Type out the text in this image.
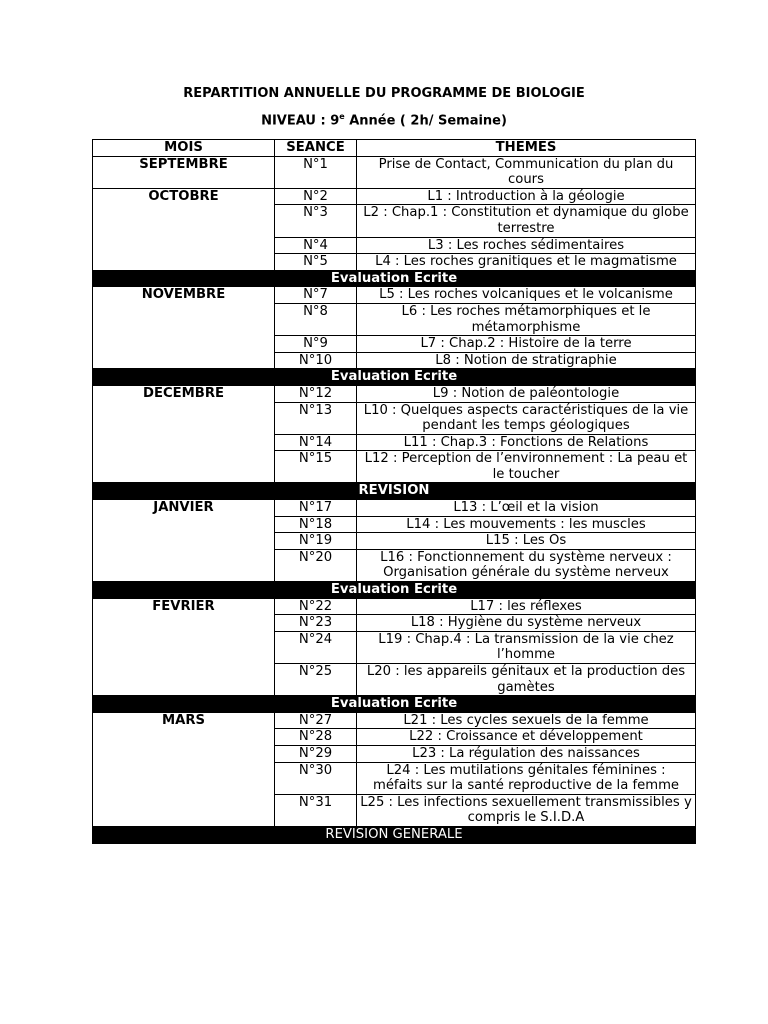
REPARTITION ANNUELLE DU PROGRAMME DE BIOLOGIE
NIVEAU : 9e Année ( 2h/ Semaine)
MOIS	SEANCE	THEMES
SEPTEMBRE	N°1	Prise de Contact, Communication du plan du cours
OCTOBRE	N°2	L1 : Introduction à la géologie
	N°3	L2 : Chap.1 : Constitution et dynamique du globe terrestre
	N°4	L3 : Les roches sédimentaires
	N°5	L4 : Les roches granitiques et le magmatisme
Evaluation Ecrite		
NOVEMBRE	N°7	L5 : Les roches volcaniques et le volcanisme
	N°8	L6 : Les roches métamorphiques et le métamorphisme
	N°9	L7 : Chap.2 : Histoire de la terre
	N°10	L8 : Notion de stratigraphie
Evaluation Ecrite		
DECEMBRE	N°12	L9 : Notion de paléontologie
	N°13	L10 : Quelques aspects caractéristiques de la vie pendant les temps géologiques
	N°14	L11 : Chap.3 : Fonctions de Relations
	N°15	L12 : Perception de l’environnement : La peau et le toucher
REVISION		
JANVIER	N°17	L13 : L’œil et la vision
	N°18	L14 : Les mouvements : les muscles
	N°19	L15 : Les Os
	N°20	L16 : Fonctionnement du système nerveux : Organisation générale du système nerveux
Evaluation Ecrite		
FEVRIER	N°22	L17 : les réflexes
	N°23	L18 : Hygiène du système nerveux
	N°24	L19 : Chap.4 : La transmission de la vie chez l’homme
	N°25	L20 : les appareils génitaux et la production des gamètes
Evaluation Ecrite		
MARS	N°27	L21 : Les cycles sexuels de la femme
	N°28	L22 : Croissance et développement
	N°29	L23 : La régulation des naissances
	N°30	L24 : Les mutilations génitales féminines : méfaits sur la santé reproductive de la femme
	N°31	L25 : Les infections sexuellement transmissibles y compris le S.I.D.A
REVISION GENERALE		
